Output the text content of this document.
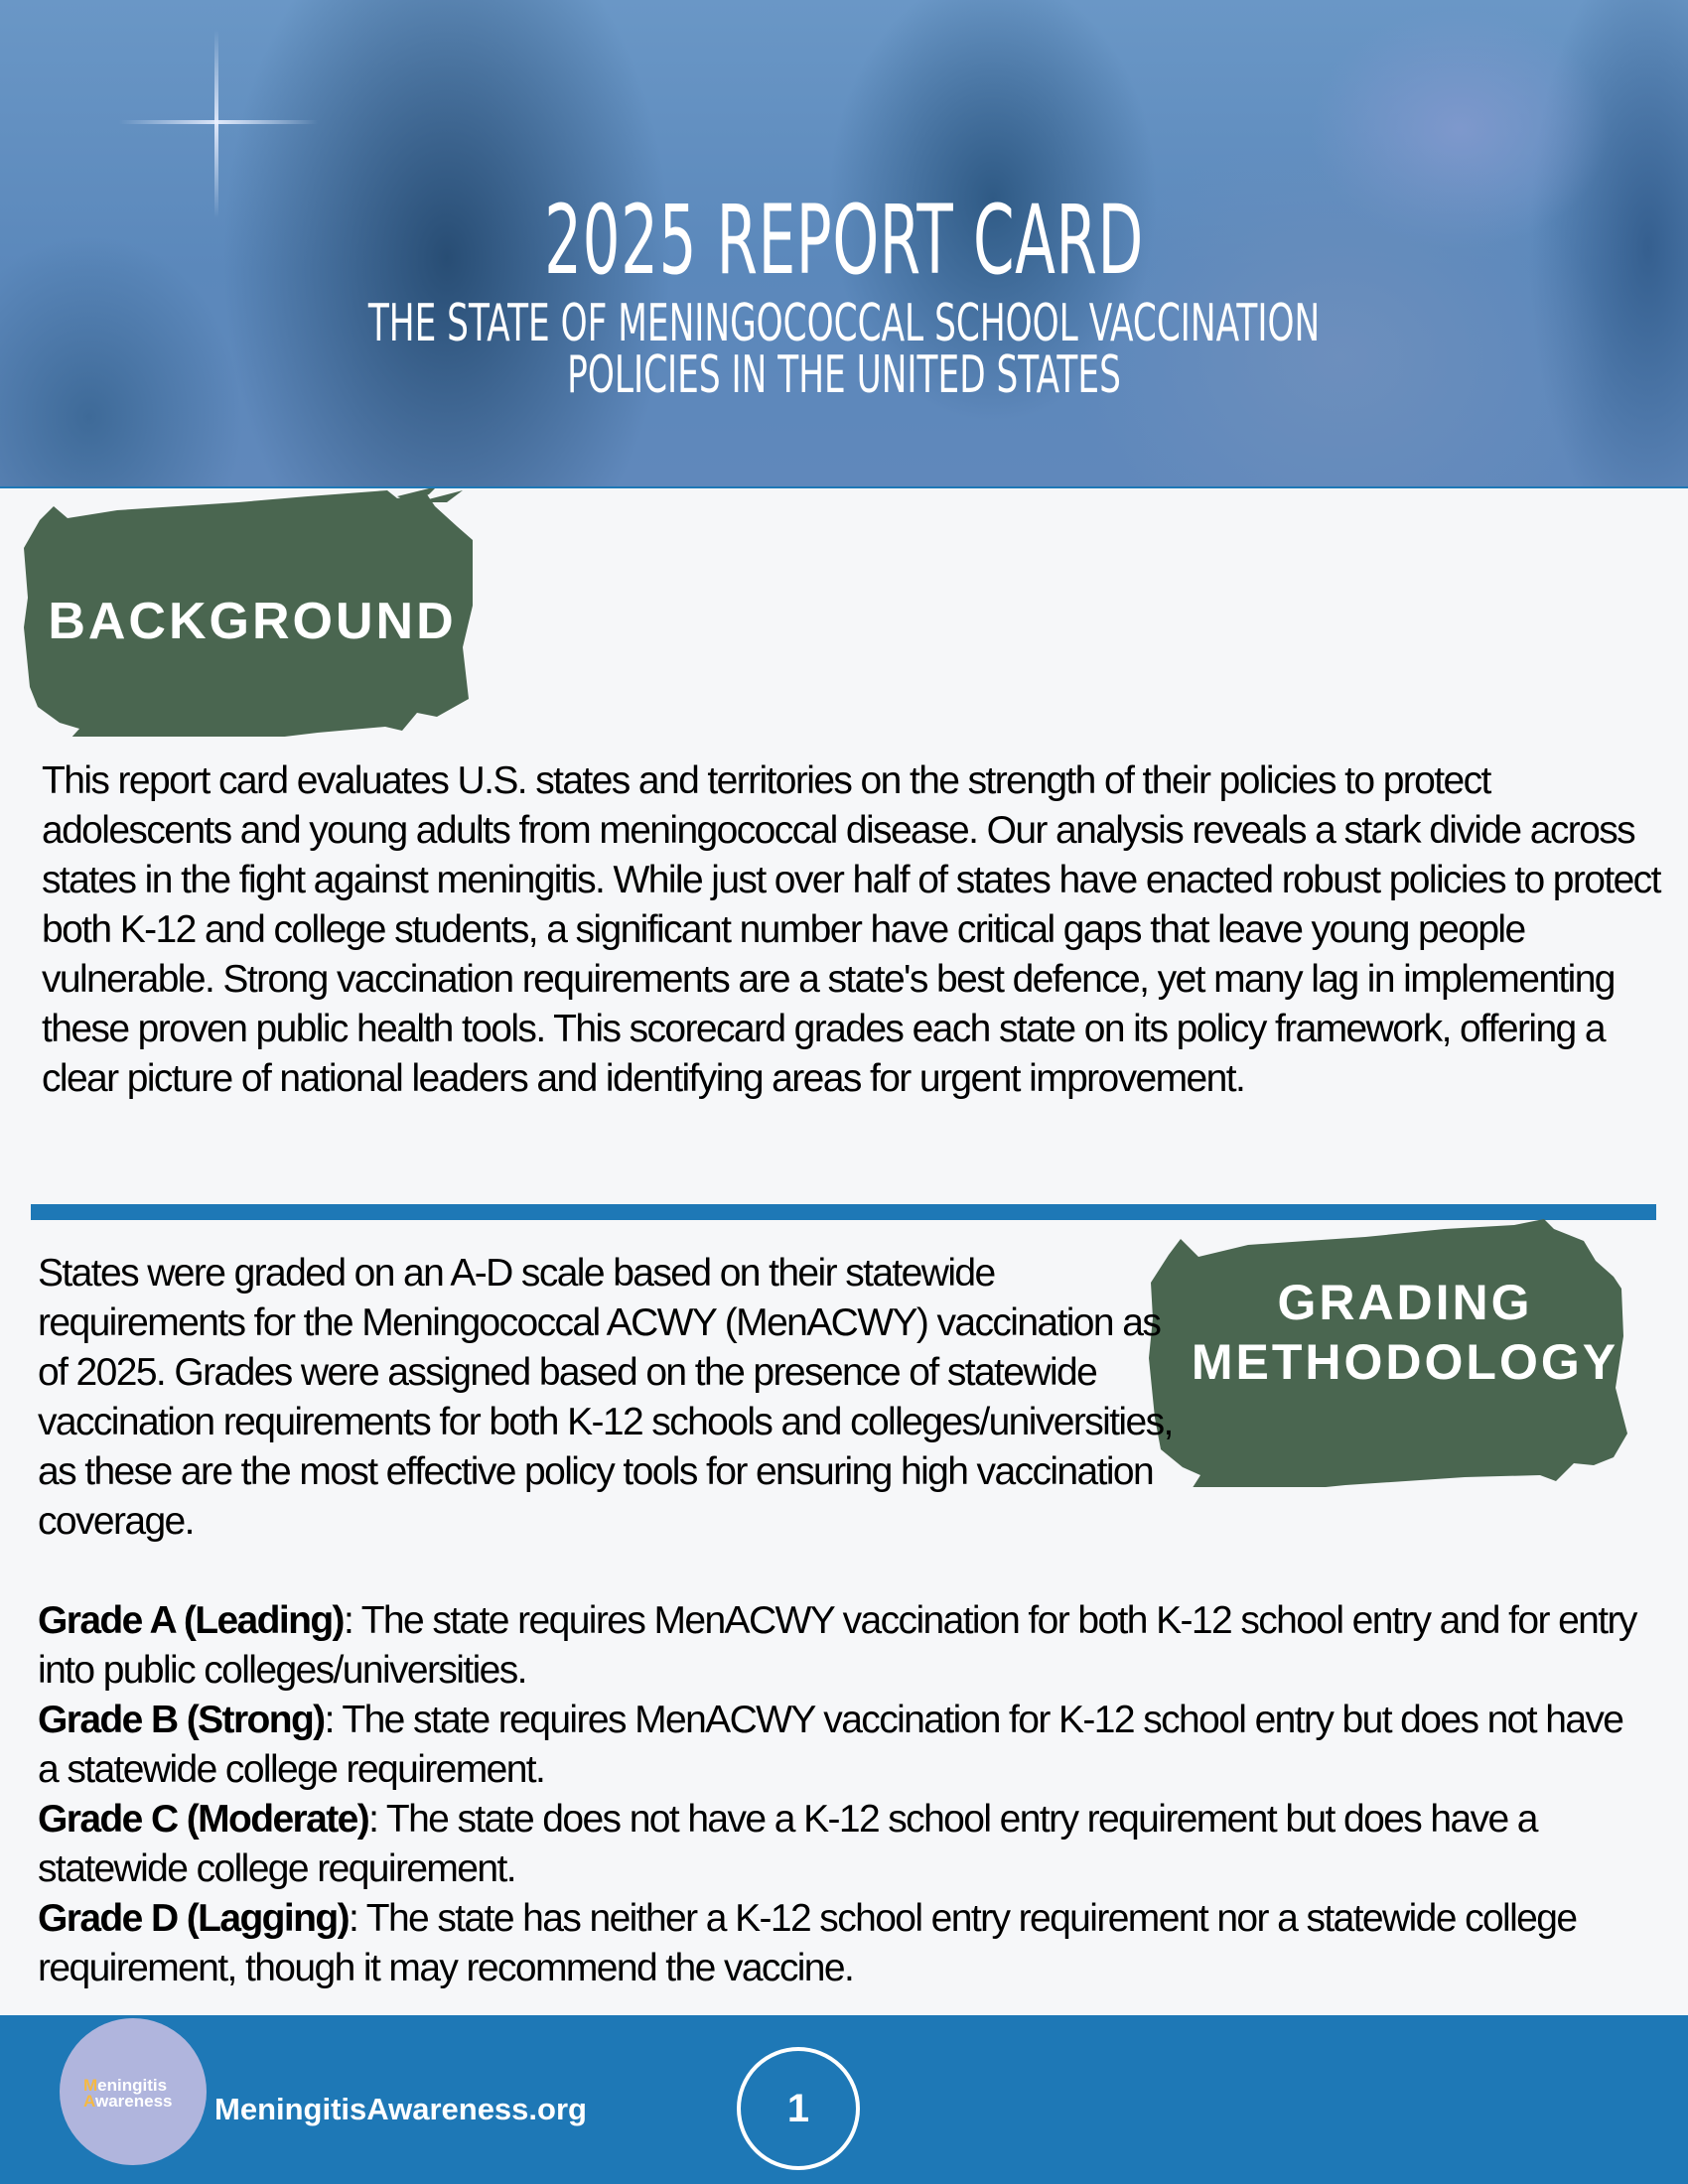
2025 REPORT CARD
THE STATE OF MENINGOCOCCAL SCHOOL VACCINATION
POLICIES IN THE UNITED STATES
BACKGROUND
This report card evaluates U.S. states and territories on the strength of their policies to protect adolescents and young adults from meningococcal disease. Our analysis reveals a stark divide across states in the fight against meningitis. While just over half of states have enacted robust policies to protect both K-12 and college students, a significant number have critical gaps that leave young people vulnerable. Strong vaccination requirements are a state's best defence, yet many lag in implementing these proven public health tools. This scorecard grades each state on its policy framework, offering a clear picture of national leaders and identifying areas for urgent improvement.
GRADING
METHODOLOGY
States were graded on an A-D scale based on their statewide requirements for the Meningococcal ACWY (MenACWY) vaccination as of 2025. Grades were assigned based on the presence of statewide vaccination requirements for both K-12 schools and colleges/universities, as these are the most effective policy tools for ensuring high vaccination coverage.
Grade A (Leading): The state requires MenACWY vaccination for both K-12 school entry and for entry into public colleges/universities.
Grade B (Strong): The state requires MenACWY vaccination for K-12 school entry but does not have a statewide college requirement.
Grade C (Moderate): The state does not have a K-12 school entry requirement but does have a statewide college requirement.
Grade D (Lagging): The state has neither a K-12 school entry requirement nor a statewide college requirement, though it may recommend the vaccine.
Meningitis
Awareness MeningitisAwareness.org	1
